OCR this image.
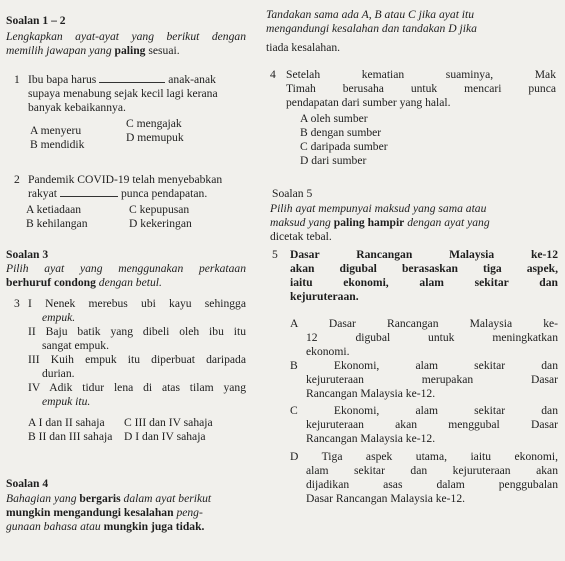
Soalan 1 – 2
Lengkapkan ayat-ayat yang berikut dengan
memilih jawapan yang paling sesuai.
1 Ibu bapa harus	anak-anak
supaya menabung sejak kecil lagi kerana
banyak kebaikannya.
A menyeru
B mendidik
C mengajak
D memupuk
2 Pandemik COVID-19 telah menyebabkan
rakyat	punca pendapatan.
A ketiadaan
B kehilangan
C kepupusan
D kekeringan
Soalan 3
Pilih ayat yang menggunakan perkataan
berhuruf condong dengan betul.
3 I Nenek merebus ubi kayu sehingga
empuk.
II Baju batik yang dibeli oleh ibu itu
sangat empuk.
III Kuih empuk itu diperbuat daripada
durian.
IV Adik tidur lena di atas tilam yang
empuk itu.
A I dan II sahaja
B II dan III sahaja
C III dan IV sahaja
D I dan IV sahaja
Soalan 4
Bahagian yang bergaris dalam ayat berikut
mungkin mengandungi kesalahan peng-
gunaan bahasa atau mungkin juga tidak.
Tandakan sama ada A, B atau C jika ayat itu
mengandungi kesalahan dan tandakan D jika
tiada kesalahan.
4 Setelah kematian suaminya, Mak
Timah berusaha untuk mencari punca
pendapatan dari sumber yang halal.
A oleh sumber
B dengan sumber
C daripada sumber
D dari sumber
Soalan 5
Pilih ayat mempunyai maksud yang sama atau
maksud yang paling hampir dengan ayat yang
dicetak tebal.
5 Dasar Rancangan Malaysia ke-12
akan digubal berasaskan tiga aspek,
iaitu ekonomi, alam sekitar dan
kejuruteraan.
A Dasar Rancangan Malaysia ke-
12 digubal untuk meningkatkan
ekonomi.
B Ekonomi, alam sekitar dan
kejuruteraan merupakan Dasar
Rancangan Malaysia ke-12.
C Ekonomi, alam sekitar dan
kejuruteraan akan menggubal Dasar
Rancangan Malaysia ke-12.
D Tiga aspek utama, iaitu ekonomi,
alam sekitar dan kejuruteraan akan
dijadikan asas dalam penggubalan
Dasar Rancangan Malaysia ke-12.
